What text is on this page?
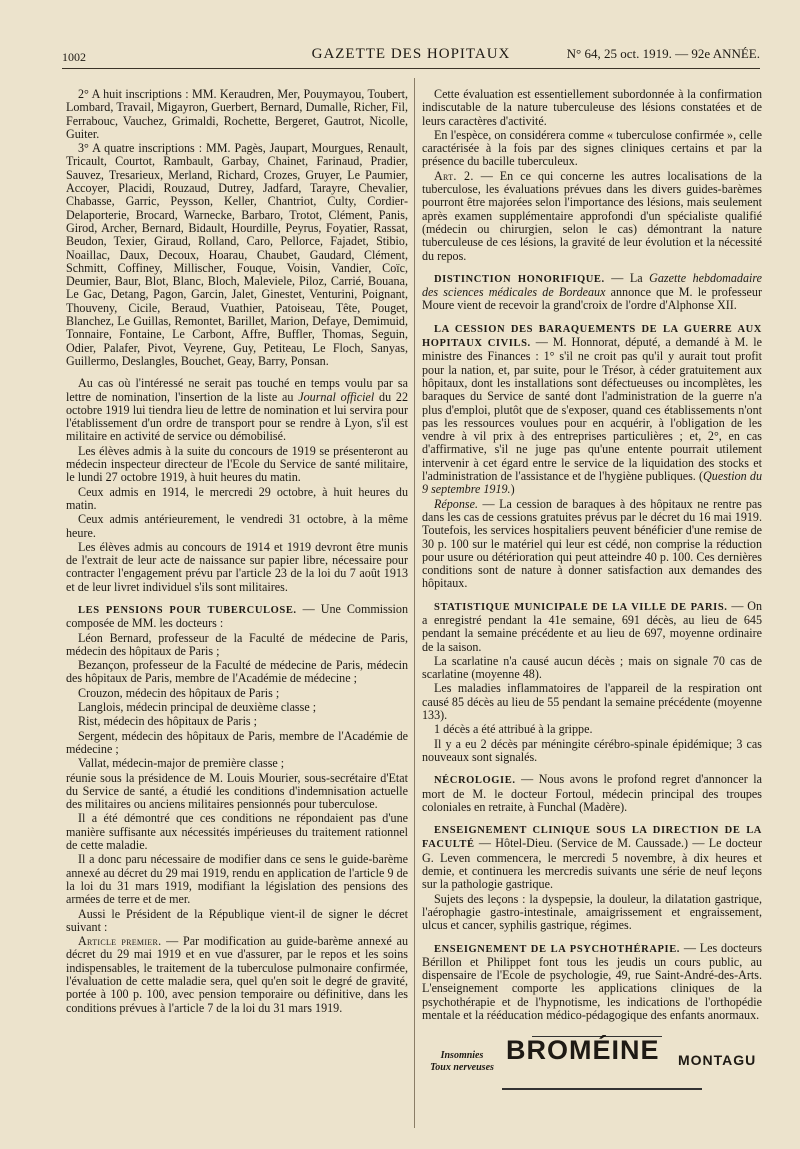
1002	GAZETTE DES HOPITAUX	N° 64, 25 oct. 1919. — 92e ANNÉE.

2° A huit inscriptions : MM. Keraudren, Mer, Pouymayou, Toubert, Lombard, Travail, Migayron, Guerbert, Bernard, Dumalle, Richer, Fil, Ferrabouc, Vauchez, Grimaldi, Rochette, Bergeret, Gautrot, Nicolle, Guiter.

3° A quatre inscriptions : MM. Pagès, Jaupart, Mourgues, Renault, Tricault, Courtot, Rambault, Garbay, Chainet, Farinaud, Pradier, Sauvez, Tresarieux, Merland, Richard, Crozes, Gruyer, Le Paumier, Accoyer, Placidi, Rouzaud, Dutrey, Jadfard, Tarayre, Chevalier, Chabasse, Garric, Peysson, Keller, Chantriot, Culty, Cordier-Delaporterie, Brocard, Warnecke, Barbaro, Trotot, Clément, Panis, Girod, Archer, Bernard, Bidault, Hourdille, Peyrus, Foyatier, Rassat, Beudon, Texier, Giraud, Rolland, Caro, Pellorce, Fajadet, Stibio, Noaillac, Daux, Decoux, Hoarau, Chaubet, Gaudard, Clément, Schmitt, Coffiney, Millischer, Fouque, Voisin, Vandier, Coïc, Deumier, Baur, Blot, Blanc, Bloch, Maleviele, Piloz, Carrié, Bouana, Le Gac, Detang, Pagon, Garcin, Jalet, Ginestet, Venturini, Poignant, Thouveny, Cicile, Beraud, Vuathier, Patoiseau, Tête, Pouget, Blanchez, Le Guillas, Remontet, Barillet, Marion, Defaye, Demimuid, Tonnaire, Fontaine, Le Carbont, Affre, Buffler, Thomas, Seguin, Odier, Palafer, Pivot, Veyrene, Guy, Petiteau, Le Floch, Sanyas, Guillermo, Deslangles, Bouchet, Geay, Barry, Ponsan.

Au cas où l'intéressé ne serait pas touché en temps voulu par sa lettre de nomination, l'insertion de la liste au Journal officiel du 22 octobre 1919 lui tiendra lieu de lettre de nomination et lui servira pour l'établissement d'un ordre de transport pour se rendre à Lyon, s'il est militaire en activité de service ou démobilisé.

Les élèves admis à la suite du concours de 1919 se présenteront au médecin inspecteur directeur de l'Ecole du Service de santé militaire, le lundi 27 octobre 1919, à huit heures du matin.

Ceux admis en 1914, le mercredi 29 octobre, à huit heures du matin.

Ceux admis antérieurement, le vendredi 31 octobre, à la même heure.

Les élèves admis au concours de 1914 et 1919 devront être munis de l'extrait de leur acte de naissance sur papier libre, nécessaire pour contracter l'engagement prévu par l'article 23 de la loi du 7 août 1913 et de leur livret individuel s'ils sont militaires.

LES PENSIONS POUR TUBERCULOSE. — Une Commission composée de MM. les docteurs :

Léon Bernard, professeur de la Faculté de médecine de Paris, médecin des hôpitaux de Paris ;

Bezançon, professeur de la Faculté de médecine de Paris, médecin des hôpitaux de Paris, membre de l'Académie de médecine ;

Crouzon, médecin des hôpitaux de Paris ;

Langlois, médecin principal de deuxième classe ;

Rist, médecin des hôpitaux de Paris ;

Sergent, médecin des hôpitaux de Paris, membre de l'Académie de médecine ;

Vallat, médecin-major de première classe ;

réunie sous la présidence de M. Louis Mourier, sous-secrétaire d'Etat du Service de santé, a étudié les conditions d'indemnisation actuelle des militaires ou anciens militaires pensionnés pour tuberculose.

Il a été démontré que ces conditions ne répondaient pas d'une manière suffisante aux nécessités impérieuses du traitement rationnel de cette maladie.

Il a donc paru nécessaire de modifier dans ce sens le guide-barème annexé au décret du 29 mai 1919, rendu en application de l'article 9 de la loi du 31 mars 1919, modifiant la législation des pensions des armées de terre et de mer.

Aussi le Président de la République vient-il de signer le décret suivant :

Article premier. — Par modification au guide-barème annexé au décret du 29 mai 1919 et en vue d'assurer, par le repos et les soins indispensables, le traitement de la tuberculose pulmonaire confirmée, l'évaluation de cette maladie sera, quel qu'en soit le degré de gravité, portée à 100 p. 100, avec pension temporaire ou définitive, dans les conditions prévues à l'article 7 de la loi du 31 mars 1919.

Cette évaluation est essentiellement subordonnée à la confirmation indiscutable de la nature tuberculeuse des lésions constatées et de leurs caractères d'activité.

En l'espèce, on considérera comme « tuberculose confirmée », celle caractérisée à la fois par des signes cliniques certains et par la présence du bacille tuberculeux.

Art. 2. — En ce qui concerne les autres localisations de la tuberculose, les évaluations prévues dans les divers guides-barèmes pourront être majorées selon l'importance des lésions, mais seulement après examen supplémentaire approfondi d'un spécialiste qualifié (médecin ou chirurgien, selon le cas) démontrant la nature tuberculeuse de ces lésions, la gravité de leur évolution et la nécessité du repos.

DISTINCTION HONORIFIQUE. — La Gazette hebdomadaire des sciences médicales de Bordeaux annonce que M. le professeur Moure vient de recevoir la grand'croix de l'ordre d'Alphonse XII.

LA CESSION DES BARAQUEMENTS DE LA GUERRE AUX HOPITAUX CIVILS. — M. Honnorat, député, a demandé à M. le ministre des Finances : 1° s'il ne croit pas qu'il y aurait tout profit pour la nation, et, par suite, pour le Trésor, à céder gratuitement aux hôpitaux, dont les installations sont défectueuses ou incomplètes, les baraques du Service de santé dont l'administration de la guerre n'a plus d'emploi, plutôt que de s'exposer, quand ces établissements n'ont pas les ressources voulues pour en acquérir, à l'obligation de les vendre à vil prix à des entreprises particulières ; et, 2°, en cas d'affirmative, s'il ne juge pas qu'une entente pourrait utilement intervenir à cet égard entre le service de la liquidation des stocks et l'administration de l'assistance et de l'hygiène publiques. (Question du 9 septembre 1919.)

Réponse. — La cession de baraques à des hôpitaux ne rentre pas dans les cas de cessions gratuites prévus par le décret du 16 mai 1919. Toutefois, les services hospitaliers peuvent bénéficier d'une remise de 30 p. 100 sur le matériel qui leur est cédé, non comprise la réduction pour usure ou détérioration qui peut atteindre 40 p. 100. Ces dernières conditions sont de nature à donner satisfaction aux demandes des hôpitaux.

STATISTIQUE MUNICIPALE DE LA VILLE DE PARIS. — On a enregistré pendant la 41e semaine, 691 décès, au lieu de 645 pendant la semaine précédente et au lieu de 697, moyenne ordinaire de la saison.

La scarlatine n'a causé aucun décès ; mais on signale 70 cas de scarlatine (moyenne 48).

Les maladies inflammatoires de l'appareil de la respiration ont causé 85 décès au lieu de 55 pendant la semaine précédente (moyenne 133).

1 décès a été attribué à la grippe.

Il y a eu 2 décès par méningite cérébro-spinale épidémique; 3 cas nouveaux sont signalés.

NÉCROLOGIE. — Nous avons le profond regret d'annoncer la mort de M. le docteur Fortoul, médecin principal des troupes coloniales en retraite, à Funchal (Madère).

ENSEIGNEMENT CLINIQUE SOUS LA DIRECTION DE LA FACULTÉ — Hôtel-Dieu. (Service de M. Caussade.) — Le docteur G. Leven commencera, le mercredi 5 novembre, à dix heures et demie, et continuera les mercredis suivants une série de neuf leçons sur la pathologie gastrique.

Sujets des leçons : la dyspepsie, la douleur, la dilatation gastrique, l'aérophagie gastro-intestinale, amaigrissement et engraissement, ulcus et cancer, syphilis gastrique, régimes.

ENSEIGNEMENT DE LA PSYCHOTHÉRAPIE. — Les docteurs Bérillon et Philippet font tous les jeudis un cours public, au dispensaire de l'Ecole de psychologie, 49, rue Saint-André-des-Arts. L'enseignement comporte les applications cliniques de la psychothérapie et de l'hypnotisme, les indications de l'orthopédie mentale et la rééducation médico-pédagogique des enfants anormaux.

Insomnies
Toux nerveuses
BROMÉINE MONTAGU
